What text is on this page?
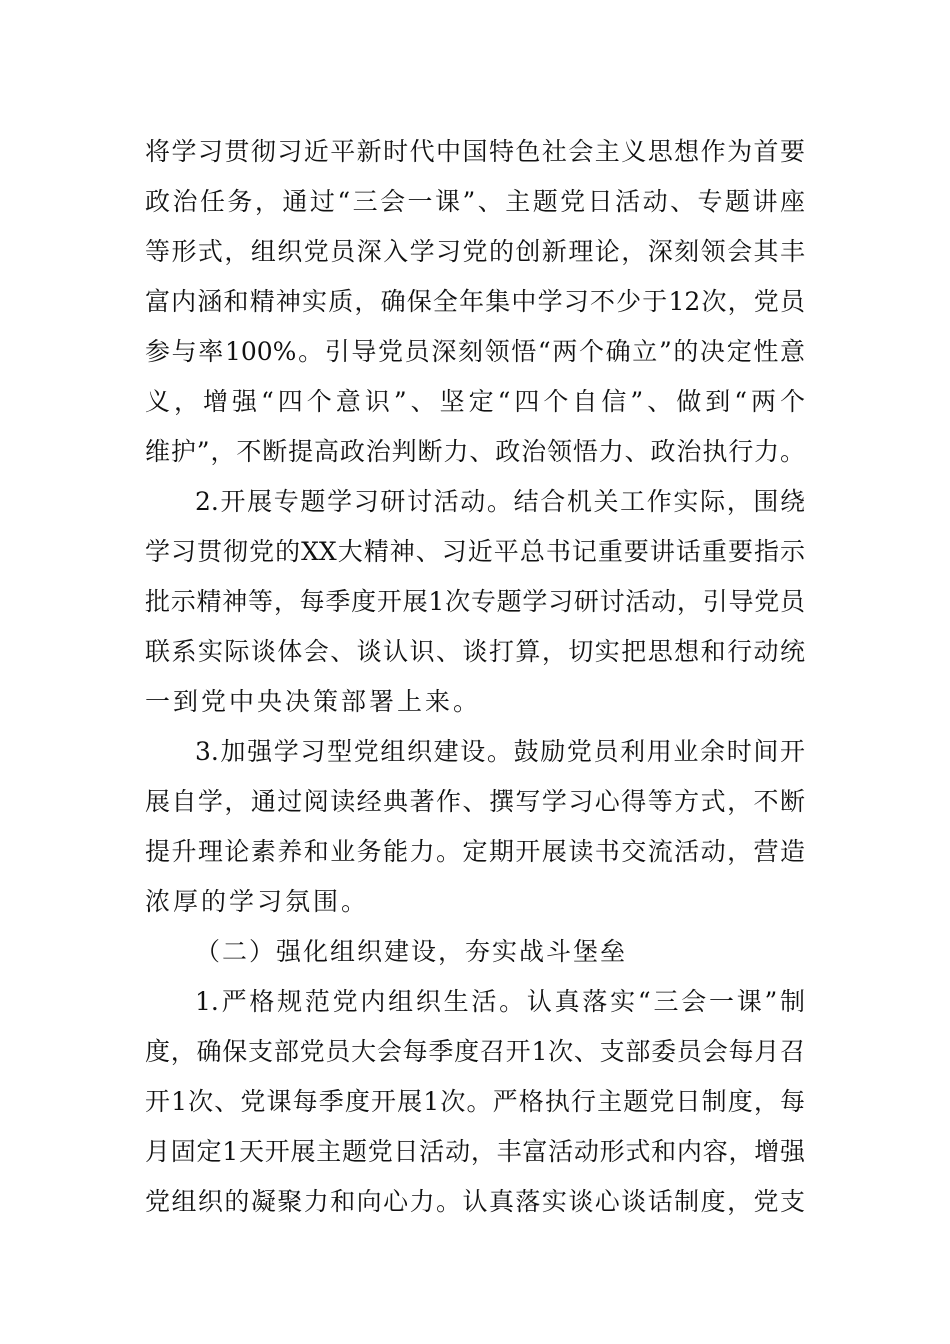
将学习贯彻习近平新时代中国特色社会主义思想作为首要
政治任务，通过“三会一课”、主题党日活动、专题讲座
等形式，组织党员深入学习党的创新理论，深刻领会其丰
富内涵和精神实质，确保全年集中学习不少于12次，党员
参与率100%。引导党员深刻领悟“两个确立”的决定性意
义，增强“四个意识”、坚定“四个自信”、做到“两个
维护”，不断提高政治判断力、政治领悟力、政治执行力。
2.开展专题学习研讨活动。结合机关工作实际，围绕
学习贯彻党的XX大精神、习近平总书记重要讲话重要指示
批示精神等，每季度开展1次专题学习研讨活动，引导党员
联系实际谈体会、谈认识、谈打算，切实把思想和行动统
一到党中央决策部署上来。
3.加强学习型党组织建设。鼓励党员利用业余时间开
展自学，通过阅读经典著作、撰写学习心得等方式，不断
提升理论素养和业务能力。定期开展读书交流活动，营造
浓厚的学习氛围。
（二）强化组织建设，夯实战斗堡垒
1.严格规范党内组织生活。认真落实“三会一课”制
度，确保支部党员大会每季度召开1次、支部委员会每月召
开1次、党课每季度开展1次。严格执行主题党日制度，每
月固定1天开展主题党日活动，丰富活动形式和内容，增强
党组织的凝聚力和向心力。认真落实谈心谈话制度，党支
